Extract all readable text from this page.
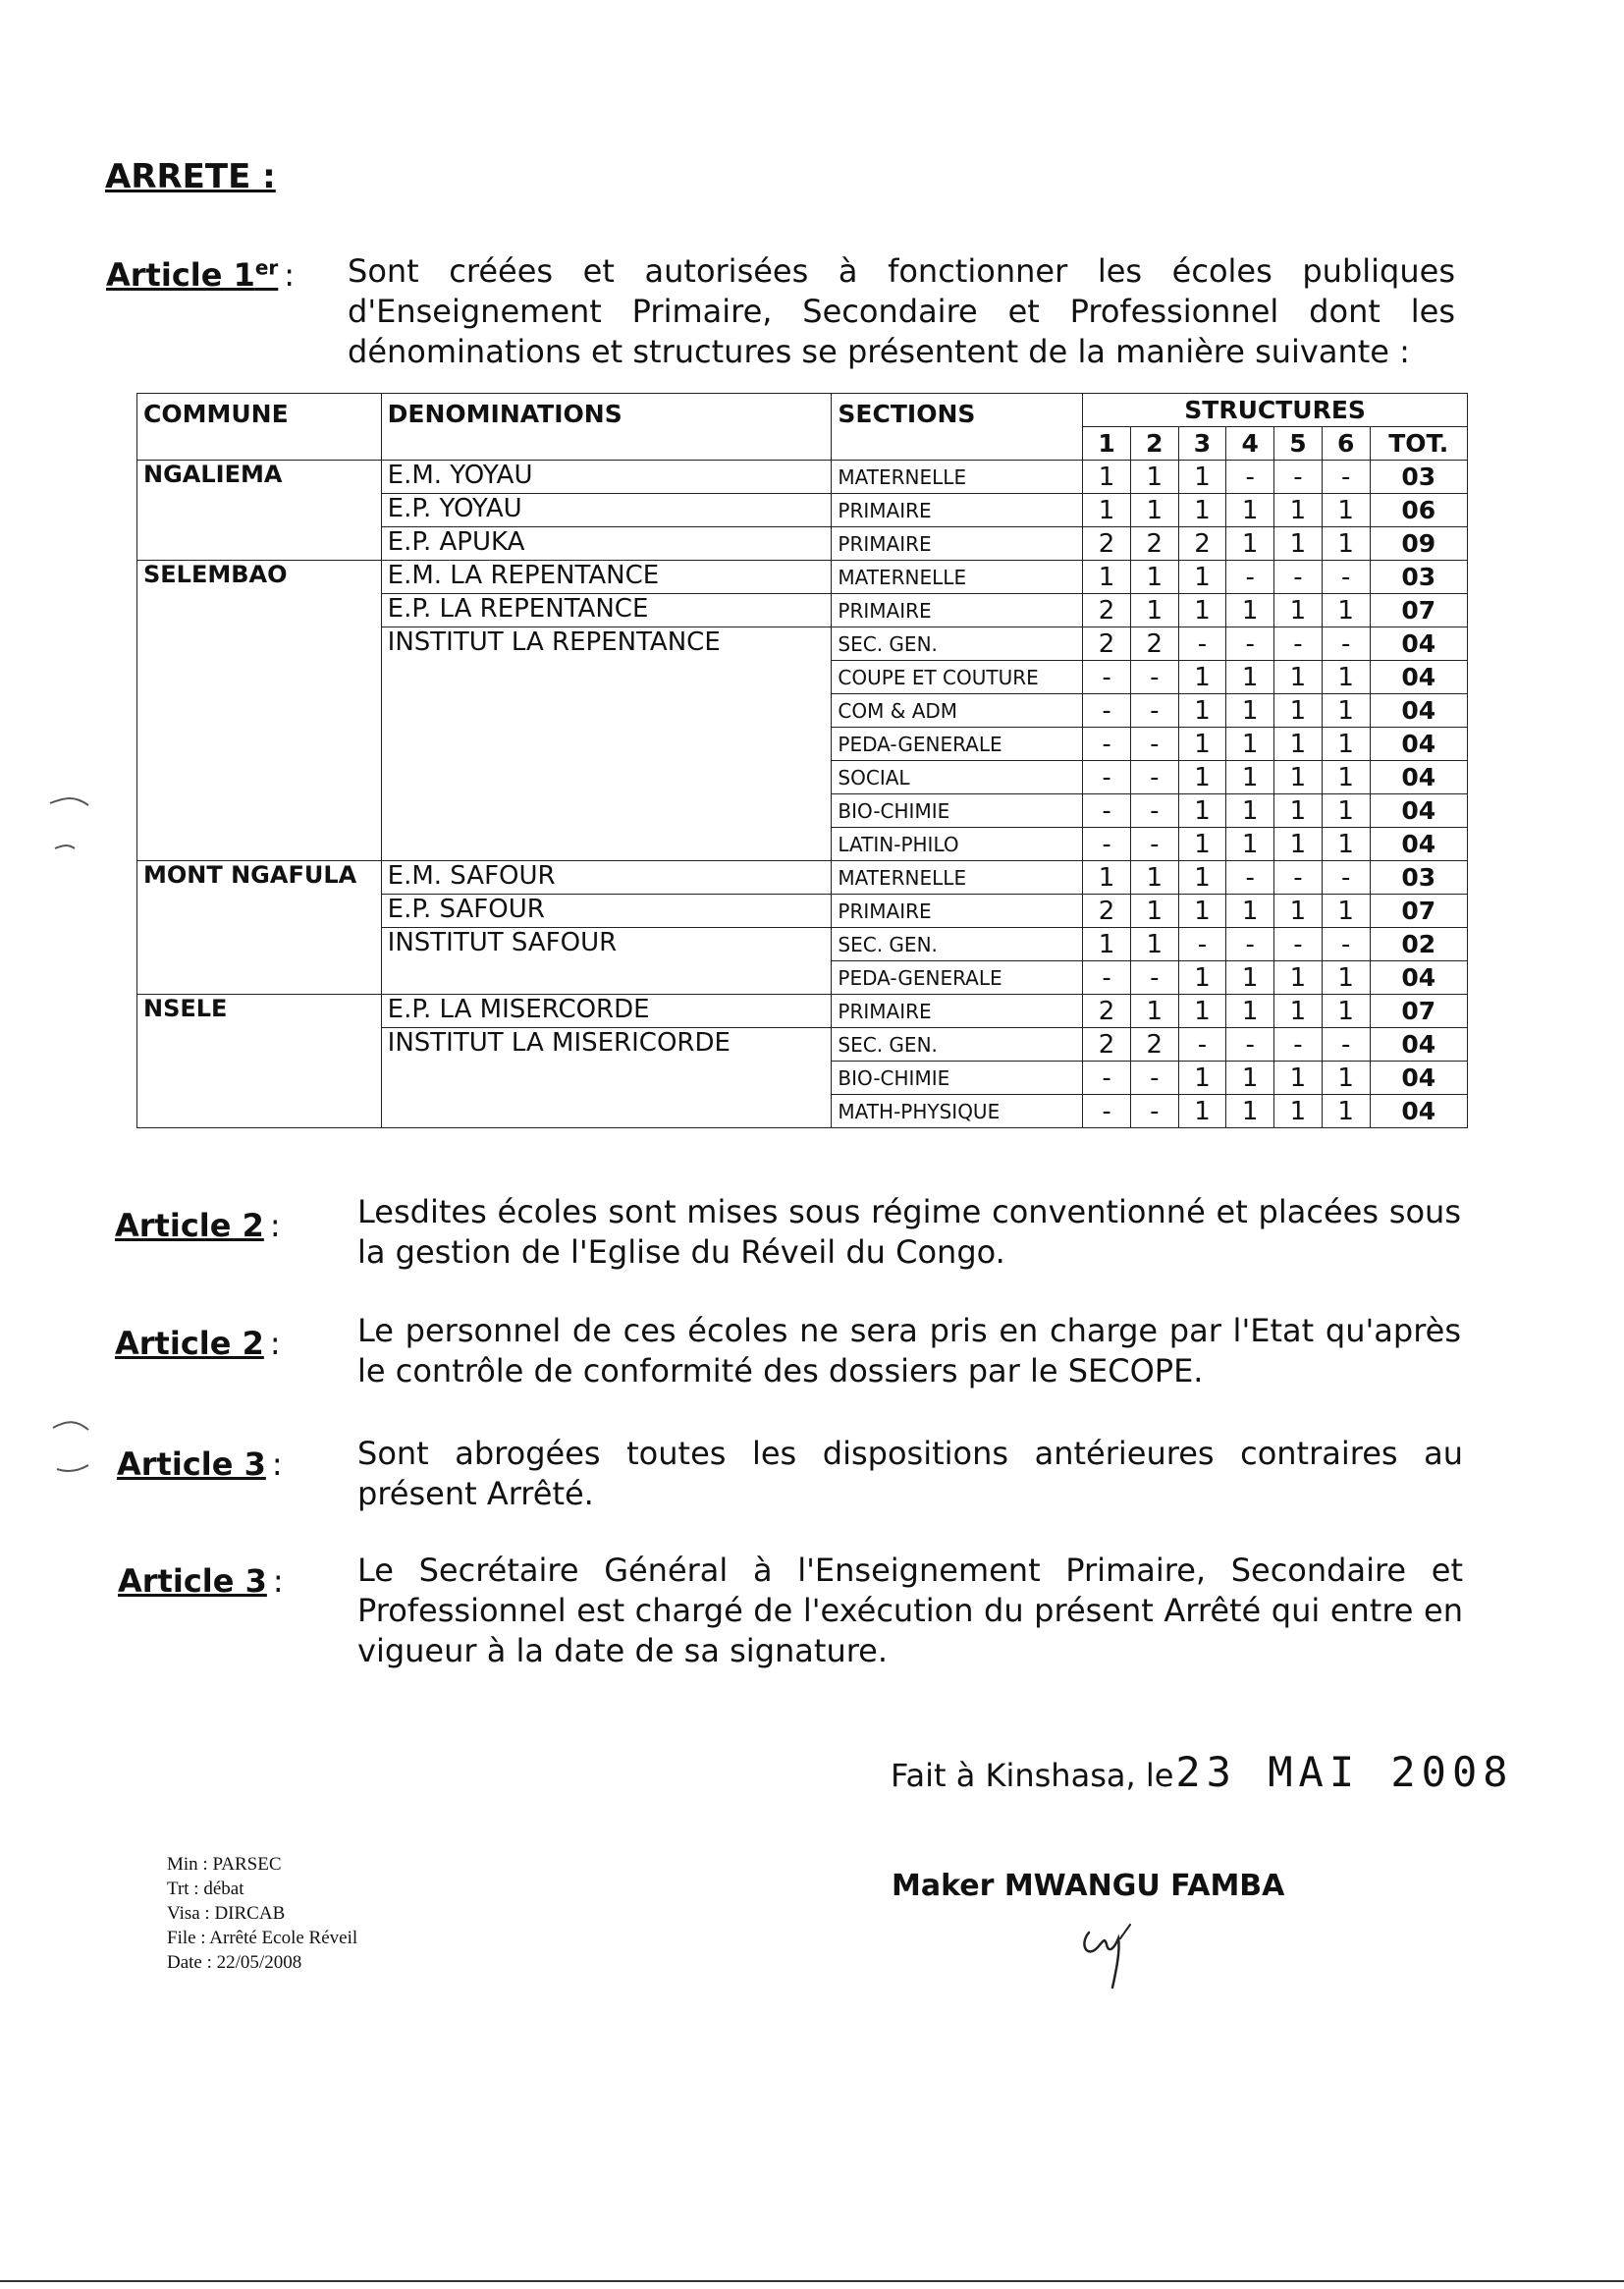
ARRETE :
Article 1er : Sont créées et autorisées à fonctionner les écoles publiques d'Enseignement Primaire, Secondaire et Professionnel dont les dénominations et structures se présentent de la manière suivante :
COMMUNE	DENOMINATIONS	SECTIONS	STRUCTURES						
			1	2	3	4	5	6	TOT.
NGALIEMA	E.M. YOYAU	MATERNELLE	1	1	1	-	-	-	03
	E.P. YOYAU	PRIMAIRE	1	1	1	1	1	1	06
	E.P. APUKA	PRIMAIRE	2	2	2	1	1	1	09
SELEMBAO	E.M. LA REPENTANCE	MATERNELLE	1	1	1	-	-	-	03
	E.P. LA REPENTANCE	PRIMAIRE	2	1	1	1	1	1	07
	INSTITUT LA REPENTANCE	SEC. GEN.	2	2	-	-	-	-	04
		COUPE ET COUTURE	-	-	1	1	1	1	04
		COM & ADM	-	-	1	1	1	1	04
		PEDA-GENERALE	-	-	1	1	1	1	04
		SOCIAL	-	-	1	1	1	1	04
		BIO-CHIMIE	-	-	1	1	1	1	04
		LATIN-PHILO	-	-	1	1	1	1	04
MONT NGAFULA	E.M. SAFOUR	MATERNELLE	1	1	1	-	-	-	03
	E.P. SAFOUR	PRIMAIRE	2	1	1	1	1	1	07
	INSTITUT SAFOUR	SEC. GEN.	1	1	-	-	-	-	02
		PEDA-GENERALE	-	-	1	1	1	1	04
NSELE	E.P. LA MISERCORDE	PRIMAIRE	2	1	1	1	1	1	07
	INSTITUT LA MISERICORDE	SEC. GEN.	2	2	-	-	-	-	04
		BIO-CHIMIE	-	-	1	1	1	1	04
		MATH-PHYSIQUE	-	-	1	1	1	1	04
Article 2 : Lesdites écoles sont mises sous régime conventionné et placées sous la gestion de l'Eglise du Réveil du Congo.
Article 2 : Le personnel de ces écoles ne sera pris en charge par l'Etat qu'après le contrôle de conformité des dossiers par le SECOPE.
Article 3 : Sont abrogées toutes les dispositions antérieures contraires au présent Arrêté.
Article 3 : Le Secrétaire Général à l'Enseignement Primaire, Secondaire et Professionnel est chargé de l'exécution du présent Arrêté qui entre en vigueur à la date de sa signature.
Fait à Kinshasa, le23 MAI 2008
Min : PARSEC
Trt : débat
Visa : DIRCAB
File : Arrêté Ecole Réveil
Date : 22/05/2008
Maker MWANGU FAMBA
